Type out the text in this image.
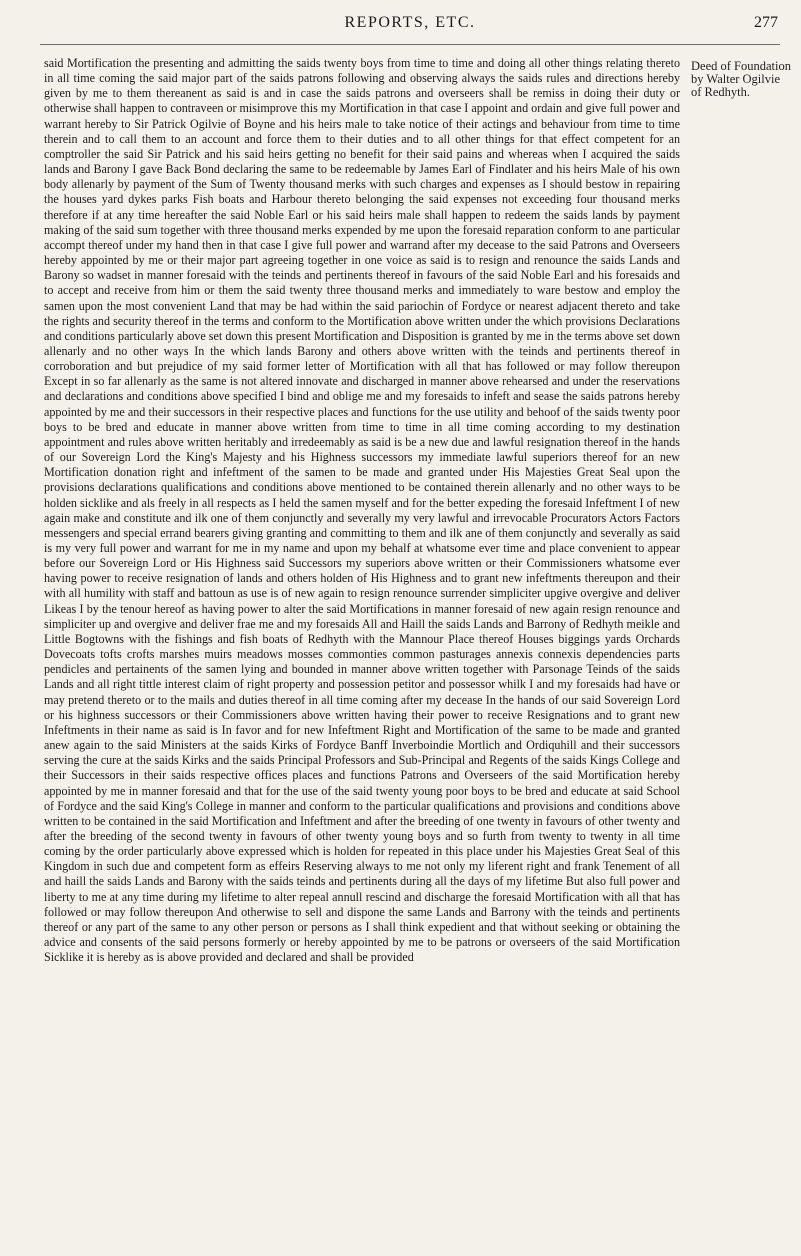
REPORTS, ETC.	277

said Mortification the presenting and admitting the saids twenty boys from time to time and doing all other things relating thereto in all time coming the said major part of the saids patrons following and observing always the saids rules and directions hereby given by me to them thereanent as said is and in case the saids patrons and overseers shall be remiss in doing their duty or otherwise shall happen to contraveen or misimprove this my Mortification in that case I appoint and ordain and give full power and warrant hereby to Sir Patrick Ogilvie of Boyne and his heirs male to take notice of their actings and behaviour from time to time therein and to call them to an account and force them to their duties and to all other things for that effect competent for an comptroller the said Sir Patrick and his said heirs getting no benefit for their said pains and whereas when I acquired the saids lands and Barony I gave Back Bond declaring the same to be redeemable by James Earl of Findlater and his heirs Male of his own body allenarly by payment of the Sum of Twenty thousand merks with such charges and expenses as I should bestow in repairing the houses yard dykes parks Fish boats and Harbour thereto belonging the said expenses not exceeding four thousand merks therefore if at any time hereafter the said Noble Earl or his said heirs male shall happen to redeem the saids lands by payment making of the said sum together with three thousand merks expended by me upon the foresaid reparation conform to ane particular accompt thereof under my hand then in that case I give full power and warrand after my decease to the said Patrons and Overseers hereby appointed by me or their major part agreeing together in one voice as said is to resign and renounce the saids Lands and Barony so wadset in manner foresaid with the teinds and pertinents thereof in favours of the said Noble Earl and his foresaids and to accept and receive from him or them the said twenty three thousand merks and immediately to ware bestow and employ the samen upon the most convenient Land that may be had within the said pariochin of Fordyce or nearest adjacent thereto and take the rights and security thereof in the terms and conform to the Mortification above written under the which provisions Declarations and conditions particularly above set down this present Mortification and Disposition is granted by me in the terms above set down allenarly and no other ways In the which lands Barony and others above written with the teinds and pertinents thereof in corroboration and but prejudice of my said former letter of Mortification with all that has followed or may follow thereupon Except in so far allenarly as the same is not altered innovate and discharged in manner above rehearsed and under the reservations and declarations and conditions above specified I bind and oblige me and my foresaids to infeft and sease the saids patrons hereby appointed by me and their successors in their respective places and functions for the use utility and behoof of the saids twenty poor boys to be bred and educate in manner above written from time to time in all time coming according to my destination appointment and rules above written heritably and irredeemably as said is be a new due and lawful resignation thereof in the hands of our Sovereign Lord the King's Majesty and his Highness successors my immediate lawful superiors thereof for an new Mortification donation right and infeftment of the samen to be made and granted under His Majesties Great Seal upon the provisions declarations qualifications and conditions above mentioned to be contained therein allenarly and no other ways to be holden sicklike and als freely in all respects as I held the samen myself and for the better expeding the foresaid Infeftment I of new again make and constitute and ilk one of them conjunctly and severally my very lawful and irrevocable Procurators Actors Factors messengers and special errand bearers giving granting and committing to them and ilk ane of them conjunctly and severally as said is my very full power and warrant for me in my name and upon my behalf at whatsome ever time and place convenient to appear before our Sovereign Lord or His Highness said Successors my superiors above written or their Commissioners whatsome ever having power to receive resignation of lands and others holden of His Highness and to grant new infeftments thereupon and their with all humility with staff and battoun as use is of new again to resign renounce surrender simpliciter upgive overgive and deliver Likeas I by the tenour hereof as having power to alter the said Mortifications in manner foresaid of new again resign renounce and simpliciter up and overgive and deliver frae me and my foresaids All and Haill the saids Lands and Barrony of Redhyth meikle and Little Bogtowns with the fishings and fish boats of Redhyth with the Mannour Place thereof Houses biggings yards Orchards Dovecoats tofts crofts marshes muirs meadows mosses commonties common pasturages annexis connexis dependencies parts pendicles and pertainents of the samen lying and bounded in manner above written together with Parsonage Teinds of the saids Lands and all right tittle interest claim of right property and possession petitor and possessor whilk I and my foresaids had have or may pretend thereto or to the mails and duties thereof in all time coming after my decease In the hands of our said Sovereign Lord or his highness successors or their Commissioners above written having their power to receive Resignations and to grant new Infeftments in their name as said is In favor and for new Infeftment Right and Mortification of the same to be made and granted anew again to the said Ministers at the saids Kirks of Fordyce Banff Inverboindie Mortlich and Ordiquhill and their successors serving the cure at the saids Kirks and the saids Principal Professors and Sub-Principal and Regents of the saids Kings College and their Successors in their saids respective offices places and functions Patrons and Overseers of the said Mortification hereby appointed by me in manner foresaid and that for the use of the said twenty young poor boys to be bred and educate at said School of Fordyce and the said King's College in manner and conform to the particular qualifications and provisions and conditions above written to be contained in the said Mortification and Infeftment and after the breeding of one twenty in favours of other twenty and after the breeding of the second twenty in favours of other twenty young boys and so furth from twenty to twenty in all time coming by the order particularly above expressed which is holden for repeated in this place under his Majesties Great Seal of this Kingdom in such due and competent form as effeirs Reserving always to me not only my liferent right and frank Tenement of all and haill the saids Lands and Barony with the saids teinds and pertinents during all the days of my lifetime But also full power and liberty to me at any time during my lifetime to alter repeal annull rescind and discharge the foresaid Mortification with all that has followed or may follow thereupon And otherwise to sell and dispone the same Lands and Barrony with the teinds and pertinents thereof or any part of the same to any other person or persons as I shall think expedient and that without seeking or obtaining the advice and consents of the said persons formerly or hereby appointed by me to be patrons or overseers of the said Mortification Sicklike it is hereby as is above provided and declared and shall be provided

Deed of Foundation by Walter Ogilvie of Redhyth.
